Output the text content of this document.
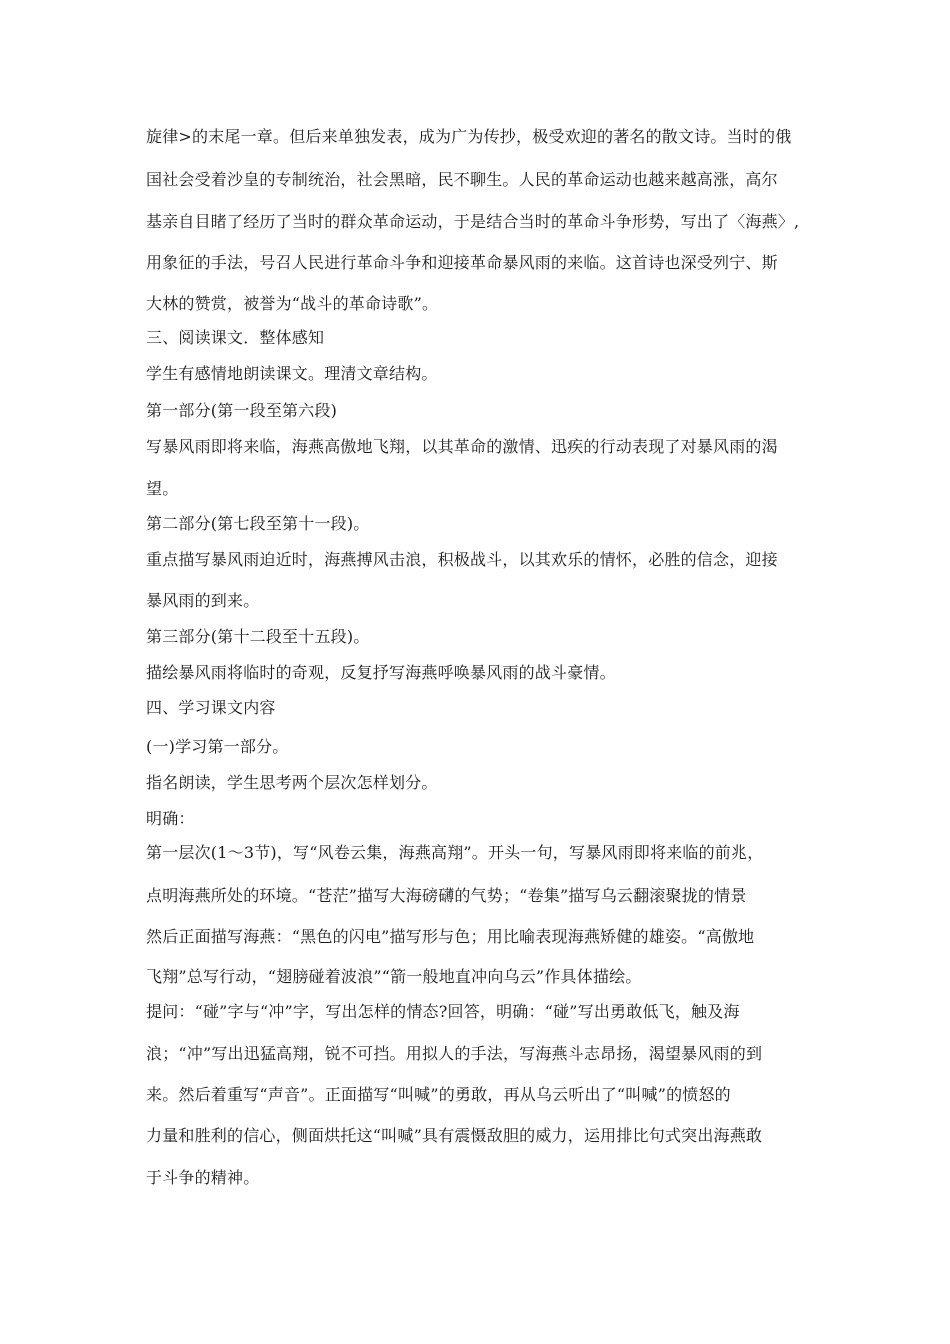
旋律>的末尾一章。但后来单独发表，成为广为传抄，极受欢迎的著名的散文诗。当时的俄
国社会受着沙皇的专制统治，社会黑暗，民不聊生。人民的革命运动也越来越高涨，高尔
基亲自目睹了经历了当时的群众革命运动，于是结合当时的革命斗争形势，写出了〈海燕〉,
用象征的手法，号召人民进行革命斗争和迎接革命暴风雨的来临。这首诗也深受列宁、斯
大林的赞赏，被誉为“战斗的革命诗歌”。
三、阅读课文．整体感知
学生有感情地朗读课文。理清文章结构。
第一部分(第一段至第六段)
写暴风雨即将来临，海燕高傲地飞翔，以其革命的激情、迅疾的行动表现了对暴风雨的渴
望。
第二部分(第七段至第十一段)。
重点描写暴风雨迫近时，海燕搏风击浪，积极战斗，以其欢乐的情怀，必胜的信念，迎接
暴风雨的到来。
第三部分(第十二段至十五段)。
描绘暴风雨将临时的奇观，反复抒写海燕呼唤暴风雨的战斗豪情。
四、学习课文内容
(一)学习第一部分。
指名朗读，学生思考两个层次怎样划分。
明确：
第一层次(1～3节)，写“风卷云集，海燕高翔”。开头一句，写暴风雨即将来临的前兆，
点明海燕所处的环境。“苍茫”描写大海磅礴的气势；“卷集”描写乌云翻滚聚拢的情景
然后正面描写海燕：“黑色的闪电”描写形与色；用比喻表现海燕矫健的雄姿。“高傲地
飞翔”总写行动，“翅膀碰着波浪”“箭一般地直冲向乌云”作具体描绘。
提问：“碰”字与“冲”字，写出怎样的情态?回答，明确：“碰”写出勇敢低飞，触及海
浪；“冲”写出迅猛高翔，锐不可挡。用拟人的手法，写海燕斗志昂扬，渴望暴风雨的到
来。然后着重写“声音”。正面描写“叫喊”的勇敢，再从乌云听出了“叫喊”的愤怒的
力量和胜利的信心，侧面烘托这“叫喊”具有震慑敌胆的威力，运用排比句式突出海燕敢
于斗争的精神。
